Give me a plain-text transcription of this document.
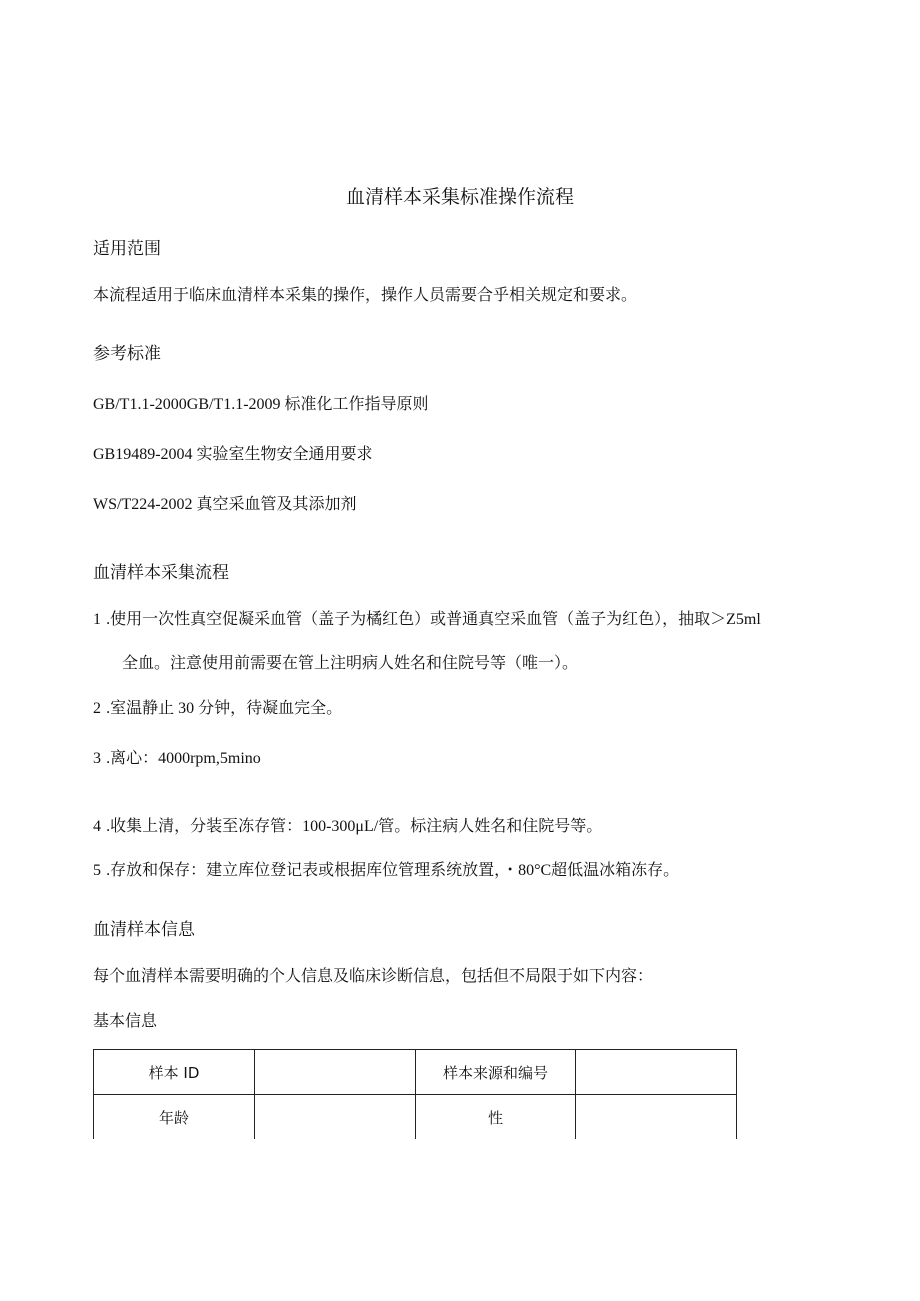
血清样本采集标准操作流程
适用范围
本流程适用于临床血清样本采集的操作，操作人员需要合乎相关规定和要求。
参考标准
GB/T1.1-2000GB/T1.1-2009 标准化工作指导原则
GB19489-2004 实验室生物安全通用要求
WS/T224-2002 真空采血管及其添加剂
血清样本采集流程
1 .使用一次性真空促凝采血管（盖子为橘红色）或普通真空采血管（盖子为红色），抽取＞Z5ml
全血。注意使用前需要在管上注明病人姓名和住院号等（唯一）。
2 .室温静止 30 分钟，待凝血完全。
3 .离心：4000rpm,5mino
4 .收集上清，分装至冻存管：100-300μL/管。标注病人姓名和住院号等。
5 .存放和保存：建立库位登记表或根据库位管理系统放置，・80°C超低温冰箱冻存。
血清样本信息
每个血清样本需要明确的个人信息及临床诊断信息，包括但不局限于如下内容：
基本信息
样本 ID		样本来源和编号	
年龄		性	
